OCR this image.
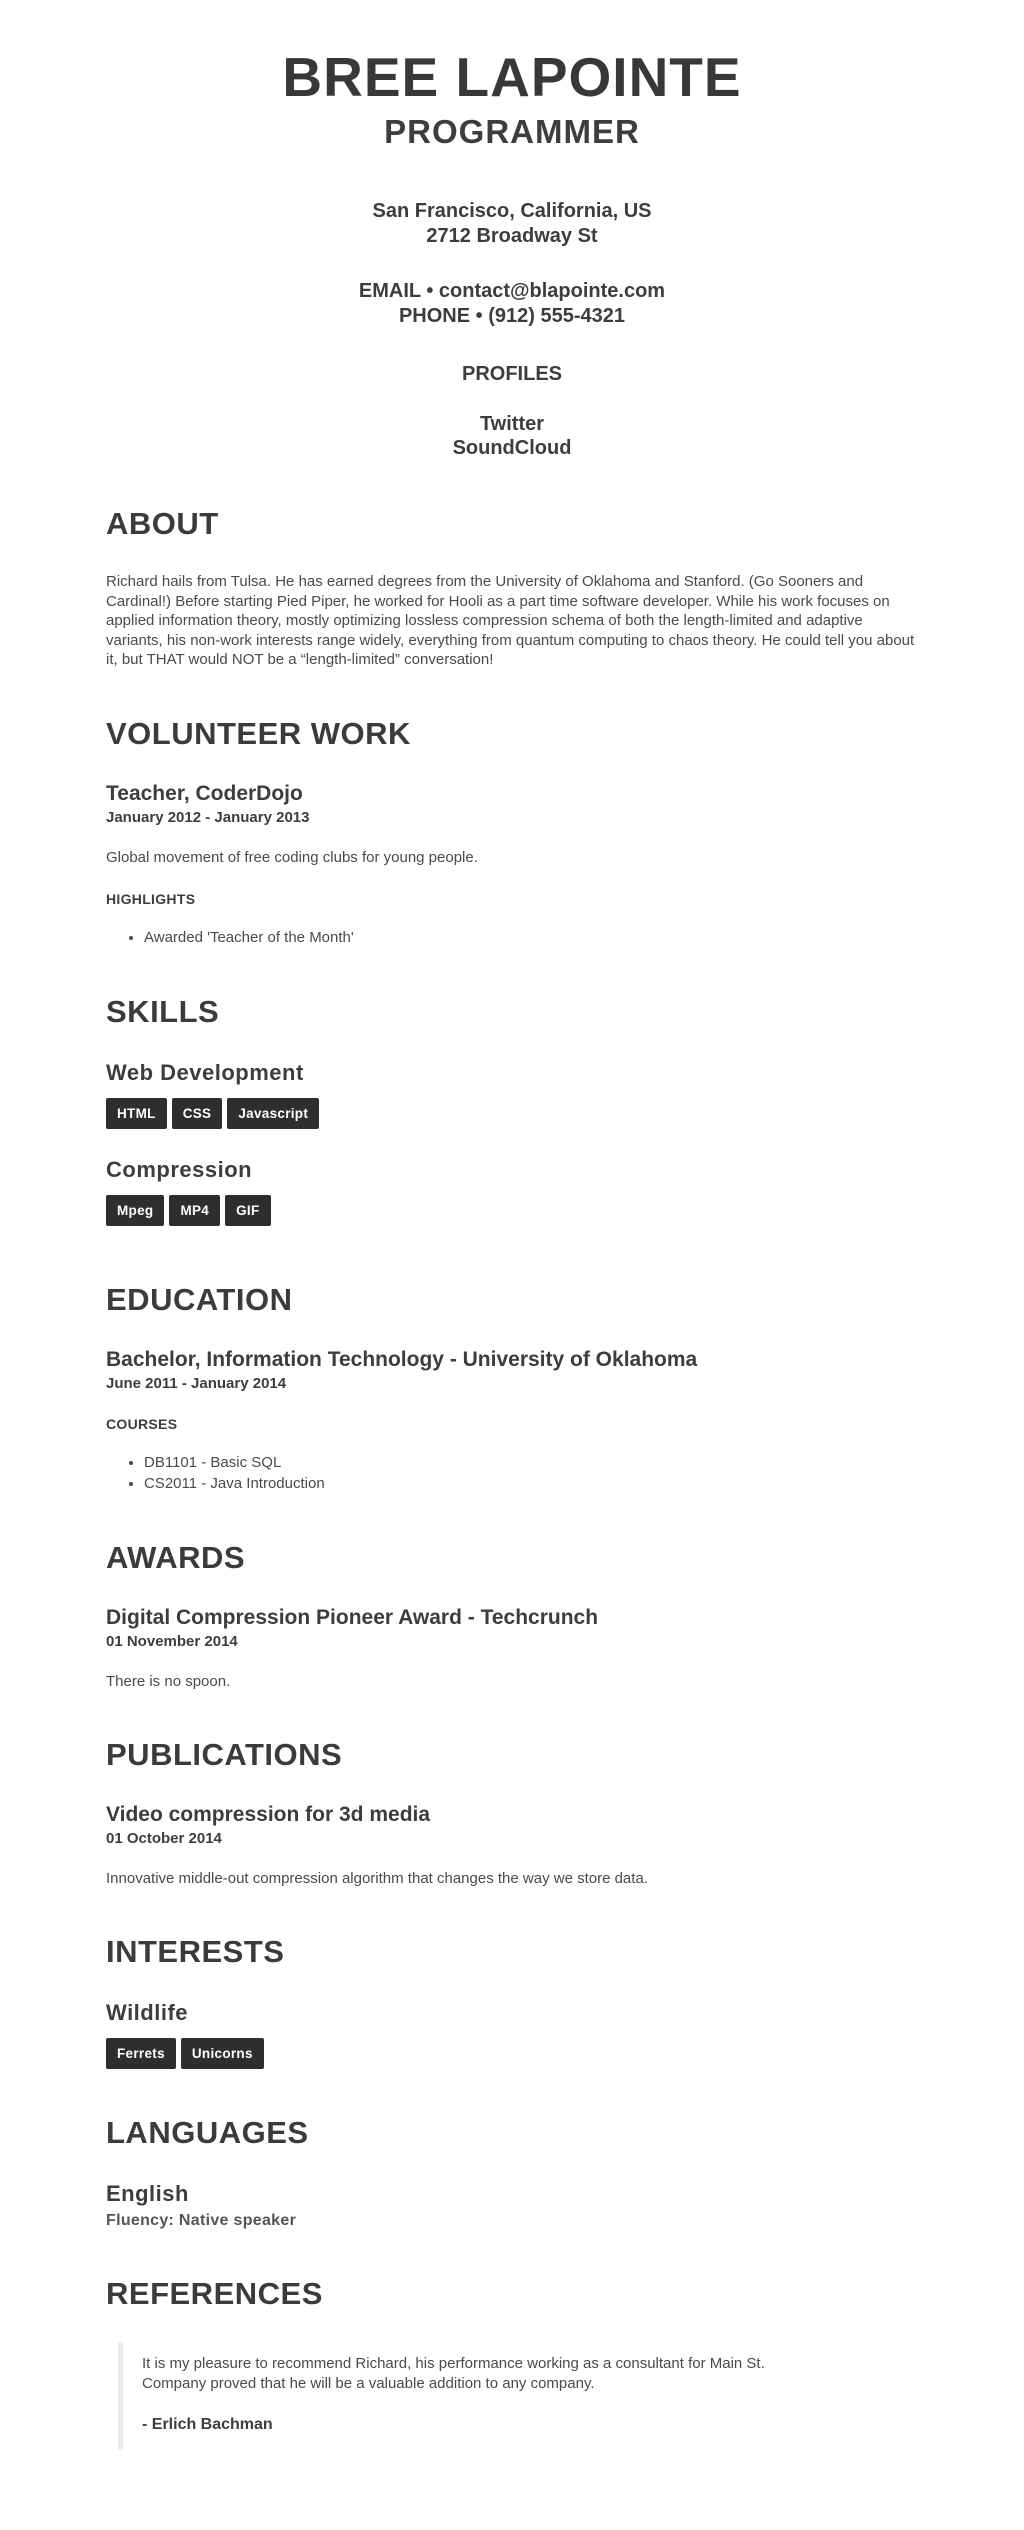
BREE LAPOINTE
PROGRAMMER

San Francisco, California, US

2712 Broadway St

EMAIL • contact@blapointe.com

PHONE • (912) 555-4321

PROFILES
Twitter
SoundCloud
ABOUT

Richard hails from Tulsa. He has earned degrees from the University of Oklahoma and Stanford. (Go Sooners and Cardinal!) Before starting Pied Piper, he worked for Hooli as a part time software developer. While his work focuses on applied information theory, mostly optimizing lossless compression schema of both the length-limited and adaptive variants, his non-work interests range widely, everything from quantum computing to chaos theory. He could tell you about it, but THAT would NOT be a “length-limited” conversation!

VOLUNTEER WORK
Teacher, CoderDojo

January 2012 - January 2013

Global movement of free coding clubs for young people.

HIGHLIGHTS

• Awarded 'Teacher of the Month'
SKILLS
Web Development
HTML	CSS	Javascript
Compression
Mpeg	MP4	GIF
EDUCATION
Bachelor, Information Technology - University of Oklahoma

June 2011 - January 2014

COURSES

• DB1101 - Basic SQL
• CS2011 - Java Introduction
AWARDS
Digital Compression Pioneer Award - Techcrunch

01 November 2014

There is no spoon.

PUBLICATIONS
Video compression for 3d media

01 October 2014

Innovative middle-out compression algorithm that changes the way we store data.

INTERESTS
Wildlife
Ferrets	Unicorns
LANGUAGES
English

Fluency: Native speaker

REFERENCES

It is my pleasure to recommend Richard, his performance working as a consultant for Main St. Company proved that he will be a valuable addition to any company.

- Erlich Bachman
